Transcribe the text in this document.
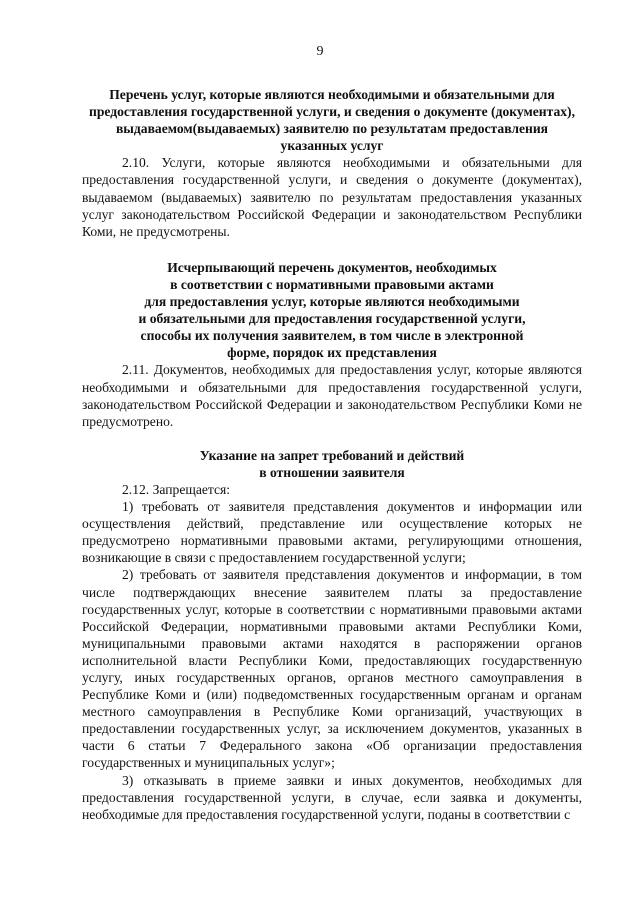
9
Перечень услуг, которые являются необходимыми и обязательными для
предоставления государственной услуги, и сведения о документе (документах),
выдаваемом(выдаваемых) заявителю по результатам предоставления
указанных услуг

2.10. Услуги, которые являются необходимыми и обязательными для предоставления государственной услуги, и сведения о документе (документах), выдаваемом (выдаваемых) заявителю по результатам предоставления указанных услуг законодательством Российской Федерации и законодательством Республики Коми, не предусмотрены.

Исчерпывающий перечень документов, необходимых
в соответствии с нормативными правовыми актами
для предоставления услуг, которые являются необходимыми
и обязательными для предоставления государственной услуги,
способы их получения заявителем, в том числе в электронной
форме, порядок их представления

2.11. Документов, необходимых для предоставления услуг, которые являются необходимыми и обязательными для предоставления государственной услуги, законодательством Российской Федерации и законодательством Республики Коми не предусмотрено.

Указание на запрет требований и действий
в отношении заявителя

2.12. Запрещается:

1) требовать от заявителя представления документов и информации или осуществления действий, представление или осуществление которых не предусмотрено нормативными правовыми актами, регулирующими отношения, возникающие в связи с предоставлением государственной услуги;

2) требовать от заявителя представления документов и информации, в том числе подтверждающих внесение заявителем платы за предоставление государственных услуг, которые в соответствии с нормативными правовыми актами Российской Федерации, нормативными правовыми актами Республики Коми, муниципальными правовыми актами находятся в распоряжении органов исполнительной власти Республики Коми, предоставляющих государственную услугу, иных государственных органов, органов местного самоуправления в Республике Коми и (или) подведомственных государственным органам и органам местного самоуправления в Республике Коми организаций, участвующих в предоставлении государственных услуг, за исключением документов, указанных в части 6 статьи 7 Федерального закона «Об организации предоставления государственных и муниципальных услуг»;

3) отказывать в приеме заявки и иных документов, необходимых для предоставления государственной услуги, в случае, если заявка и документы, необходимые для предоставления государственной услуги, поданы в соответствии с
